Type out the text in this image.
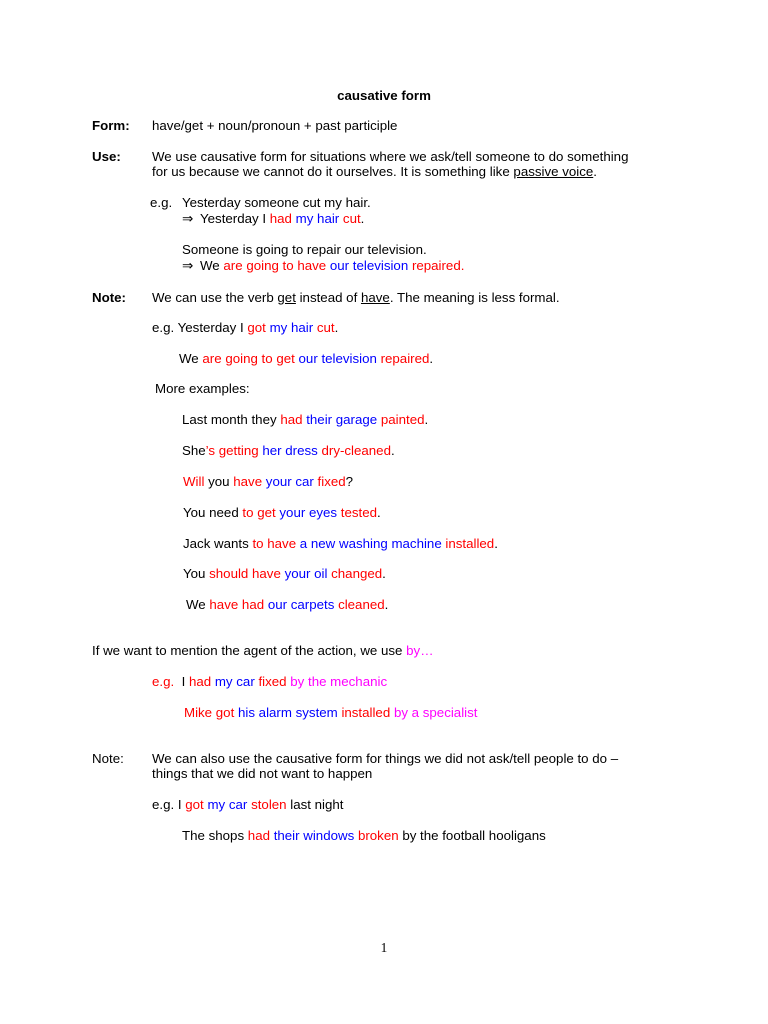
causative form
Form: have/get + noun/pronoun + past participle
Use: We use causative form for situations where we ask/tell someone to do something
for us because we cannot do it ourselves. It is something like passive voice.
e.g. Yesterday someone cut my hair.
⇒ Yesterday I had my hair cut.
Someone is going to repair our television.
⇒ We are going to have our television repaired.
Note: We can use the verb get instead of have. The meaning is less formal.
e.g. Yesterday I got my hair cut.
We are going to get our television repaired.
More examples:
Last month they had their garage painted.
She’s getting her dress dry-cleaned.
Will you have your car fixed?
You need to get your eyes tested.
Jack wants to have a new washing machine installed.
You should have your oil changed.
We have had our carpets cleaned.
If we want to mention the agent of the action, we use by…
e.g. I had my car fixed by the mechanic
Mike got his alarm system installed by a specialist
Note: We can also use the causative form for things we did not ask/tell people to do –
things that we did not want to happen
e.g. I got my car stolen last night
The shops had their windows broken by the football hooligans
1
